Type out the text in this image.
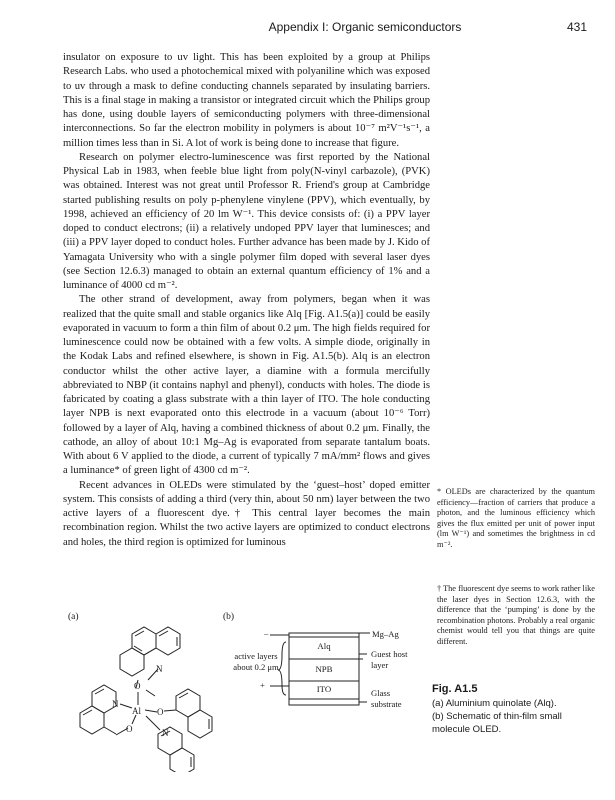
Appendix I: Organic semiconductors	431

insulator on exposure to uv light. This has been exploited by a group at Philips Research Labs. who used a photochemical mixed with polyaniline which was exposed to uv through a mask to define conducting channels separated by insulating barriers. This is a final stage in making a transistor or integrated circuit which the Philips group has done, using double layers of semiconducting polymers with three-dimensional interconnections. So far the electron mobility in polymers is about 10⁻⁷ m²V⁻¹s⁻¹, a million times less than in Si. A lot of work is being done to increase that figure.

Research on polymer electro-luminescence was first reported by the National Physical Lab in 1983, when feeble blue light from poly(N-vinyl carbazole), (PVK) was obtained. Interest was not great until Professor R. Friend's group at Cambridge started publishing results on poly p-phenylene vinylene (PPV), which eventually, by 1998, achieved an efficiency of 20 lm W⁻¹. This device consists of: (i) a PPV layer doped to conduct electrons; (ii) a relatively undoped PPV layer that luminesces; and (iii) a PPV layer doped to conduct holes. Further advance has been made by J. Kido of Yamagata University who with a single polymer film doped with several laser dyes (see Section 12.6.3) managed to obtain an external quantum efficiency of 1% and a luminance of 4000 cd m⁻².

The other strand of development, away from polymers, began when it was realized that the quite small and stable organics like Alq [Fig. A1.5(a)] could be easily evaporated in vacuum to form a thin film of about 0.2 μm. The high fields required for luminescence could now be obtained with a few volts. A simple diode, originally in the Kodak Labs and refined elsewhere, is shown in Fig. A1.5(b). Alq is an electron conductor whilst the other active layer, a diamine with a formula mercifully abbreviated to NBP (it contains naphyl and phenyl), conducts with holes. The diode is fabricated by coating a glass substrate with a thin layer of ITO. The hole conducting layer NPB is next evaporated onto this electrode in a vacuum (about 10⁻⁶ Torr) followed by a layer of Alq, having a combined thickness of about 0.2 μm. Finally, the cathode, an alloy of about 10:1 Mg–Ag is evaporated from separate tantalum boats. With about 6 V applied to the diode, a current of typically 7 mA/mm² flows and gives a luminance* of green light of 4300 cd m⁻².

Recent advances in OLEDs were stimulated by the ‘guest–host’ doped emitter system. This consists of adding a third (very thin, about 50 nm) layer between the two active layers of a fluorescent dye.† This central layer becomes the main recombination region. Whilst the two active layers are optimized to conduct electrons and holes, the third region is optimized for luminous

* OLEDs are characterized by the quantum efficiency—fraction of carriers that produce a photon, and the luminous efficiency which gives the flux emitted per unit of power input (lm W⁻¹) and sometimes the brightness in cd m⁻².
† The fluorescent dye seems to work rather like the laser dyes in Section 12.6.3, with the difference that the ‘pumping’ is done by the recombination photons. Probably a real organic chemist would tell you that things are quite different.
(a)
O
N
N
Al O
O	N
(b)
–
+
Alq
NPB
ITO
Mg–Ag
Guest host layer
Glass substrate
active layers about 0.2 μm
Fig. A1.5
(a) Aluminium quinolate (Alq).
(b) Schematic of thin-film small molecule OLED.
